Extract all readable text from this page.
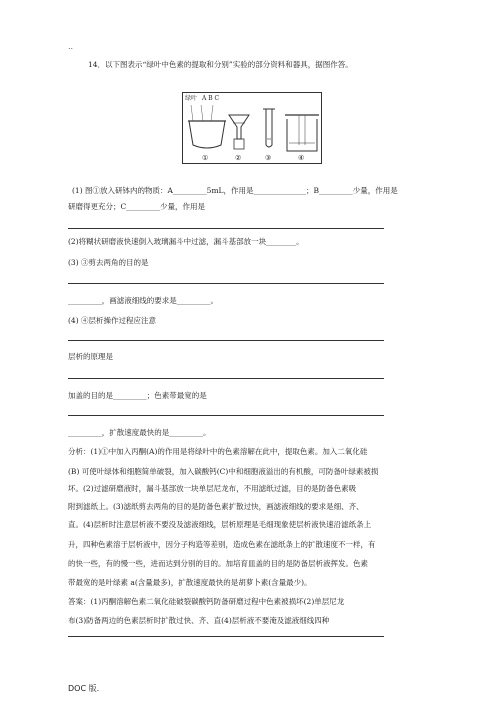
..
14．以下图表示“绿叶中色素的提取和分别”实验的部分资料和器具，据图作答。
绿叶 A B C
①	②	③	④
(1) 图①放入研钵内的物质：A_________5mL，作用是______________；B_________少量，作用是
研磨得更充分；C_________少量，作用是
(2)将糊状研磨液快速倒入玻璃漏斗中过滤，漏斗基部放一块________。
(3) ③剪去两角的目的是
_________，画滤液细线的要求是_________。
(4) ④层析操作过程应注意
层析的原理是
加盖的目的是_________；色素带最宽的是
_________，扩散速度最快的是_________。
分析：(1)①中加入丙酮(A)的作用是将绿叶中的色素溶解在此中，提取色素。加入二氧化硅
(B) 可使叶绿体和细胞简单破裂，加入碳酸钙(C)中和细胞液溢出的有机酸，可防备叶绿素被损
坏。(2)过滤研磨液时，漏斗基部放一块单层尼龙布，不用滤纸过滤，目的是防备色素吸
附到滤纸上。(3)滤纸剪去两角的目的是防备色素扩散过快，画滤液细线的要求是细、齐、
直。(4)层析时注意层析液不要没及滤液细线，层析原理是毛细现象使层析液快速沿滤纸条上
升，四种色素溶于层析液中，因分子构造等差别，造成色素在滤纸条上的扩散速度不一样，有
的快一些，有的慢一些，进而达到分别的目的。加培育皿盖的目的是防备层析液挥发。色素
带最宽的是叶绿素 a(含量最多)，扩散速度最快的是胡萝卜素(含量最少)。
答案：(1)丙酮溶解色素二氧化硅破裂碳酸钙防备研磨过程中色素被损坏(2)单层尼龙
布(3)防备两边的色素层析时扩散过快、齐、直(4)层析液不要淹及滤液细线四种
DOC 版.
